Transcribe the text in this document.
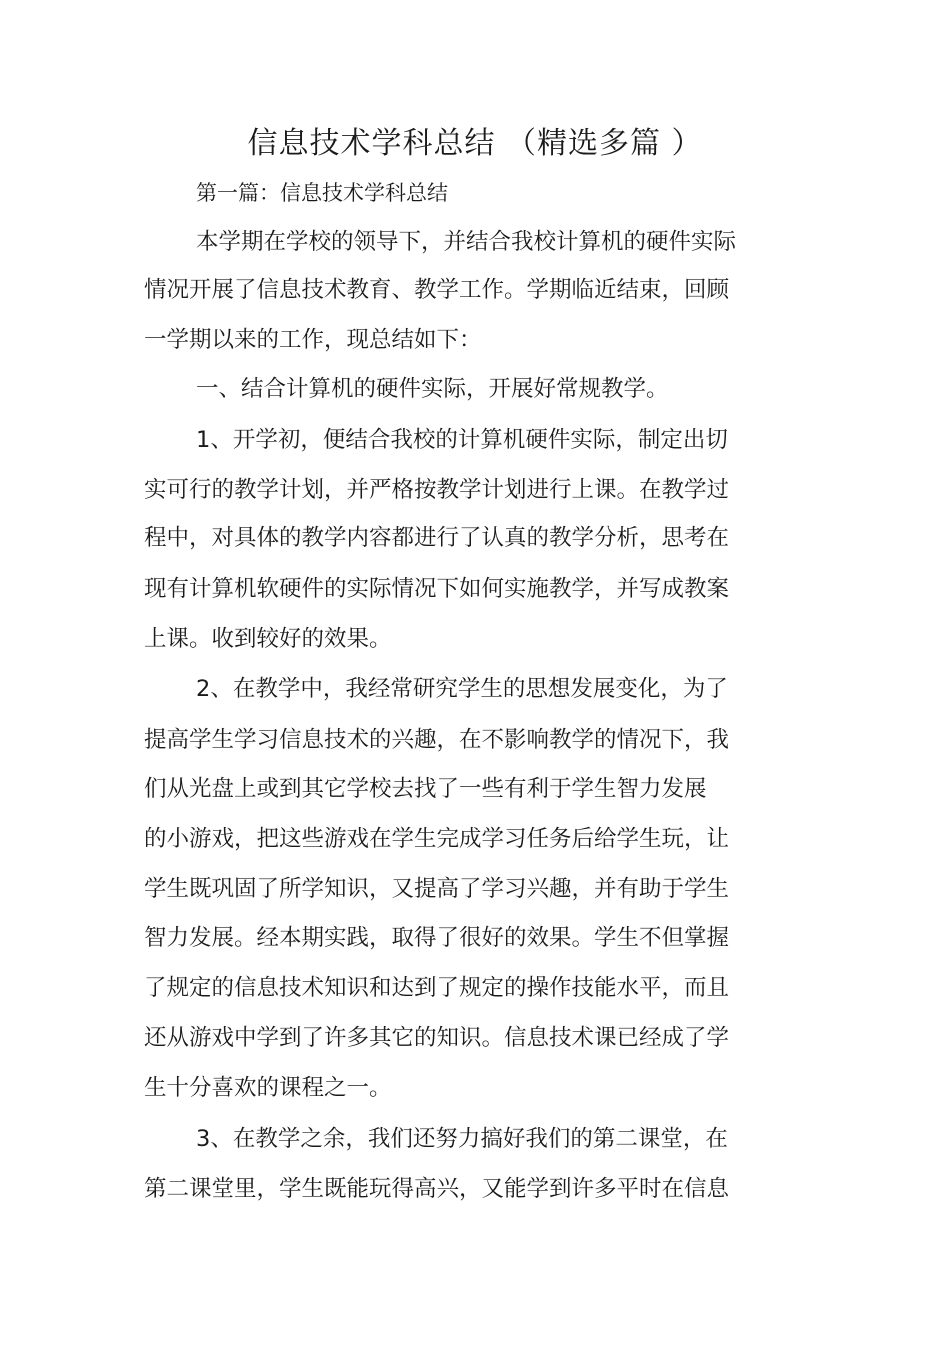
信息技术学科总结 （精选多篇 ）
第一篇：信息技术学科总结
本学期在学校的领导下，并结合我校计算机的硬件实际
情况开展了信息技术教育、教学工作。学期临近结束，回顾
一学期以来的工作，现总结如下：
一、结合计算机的硬件实际，开展好常规教学。
1、开学初，便结合我校的计算机硬件实际，制定出切
实可行的教学计划，并严格按教学计划进行上课。在教学过
程中，对具体的教学内容都进行了认真的教学分析，思考在
现有计算机软硬件的实际情况下如何实施教学，并写成教案
上课。收到较好的效果。
2、在教学中，我经常研究学生的思想发展变化，为了
提高学生学习信息技术的兴趣，在不影响教学的情况下，我
们从光盘上或到其它学校去找了一些有利于学生智力发展
的小游戏，把这些游戏在学生完成学习任务后给学生玩，让
学生既巩固了所学知识，又提高了学习兴趣，并有助于学生
智力发展。经本期实践，取得了很好的效果。学生不但掌握
了规定的信息技术知识和达到了规定的操作技能水平，而且
还从游戏中学到了许多其它的知识。信息技术课已经成了学
生十分喜欢的课程之一。
3、在教学之余，我们还努力搞好我们的第二课堂，在
第二课堂里，学生既能玩得高兴，又能学到许多平时在信息
